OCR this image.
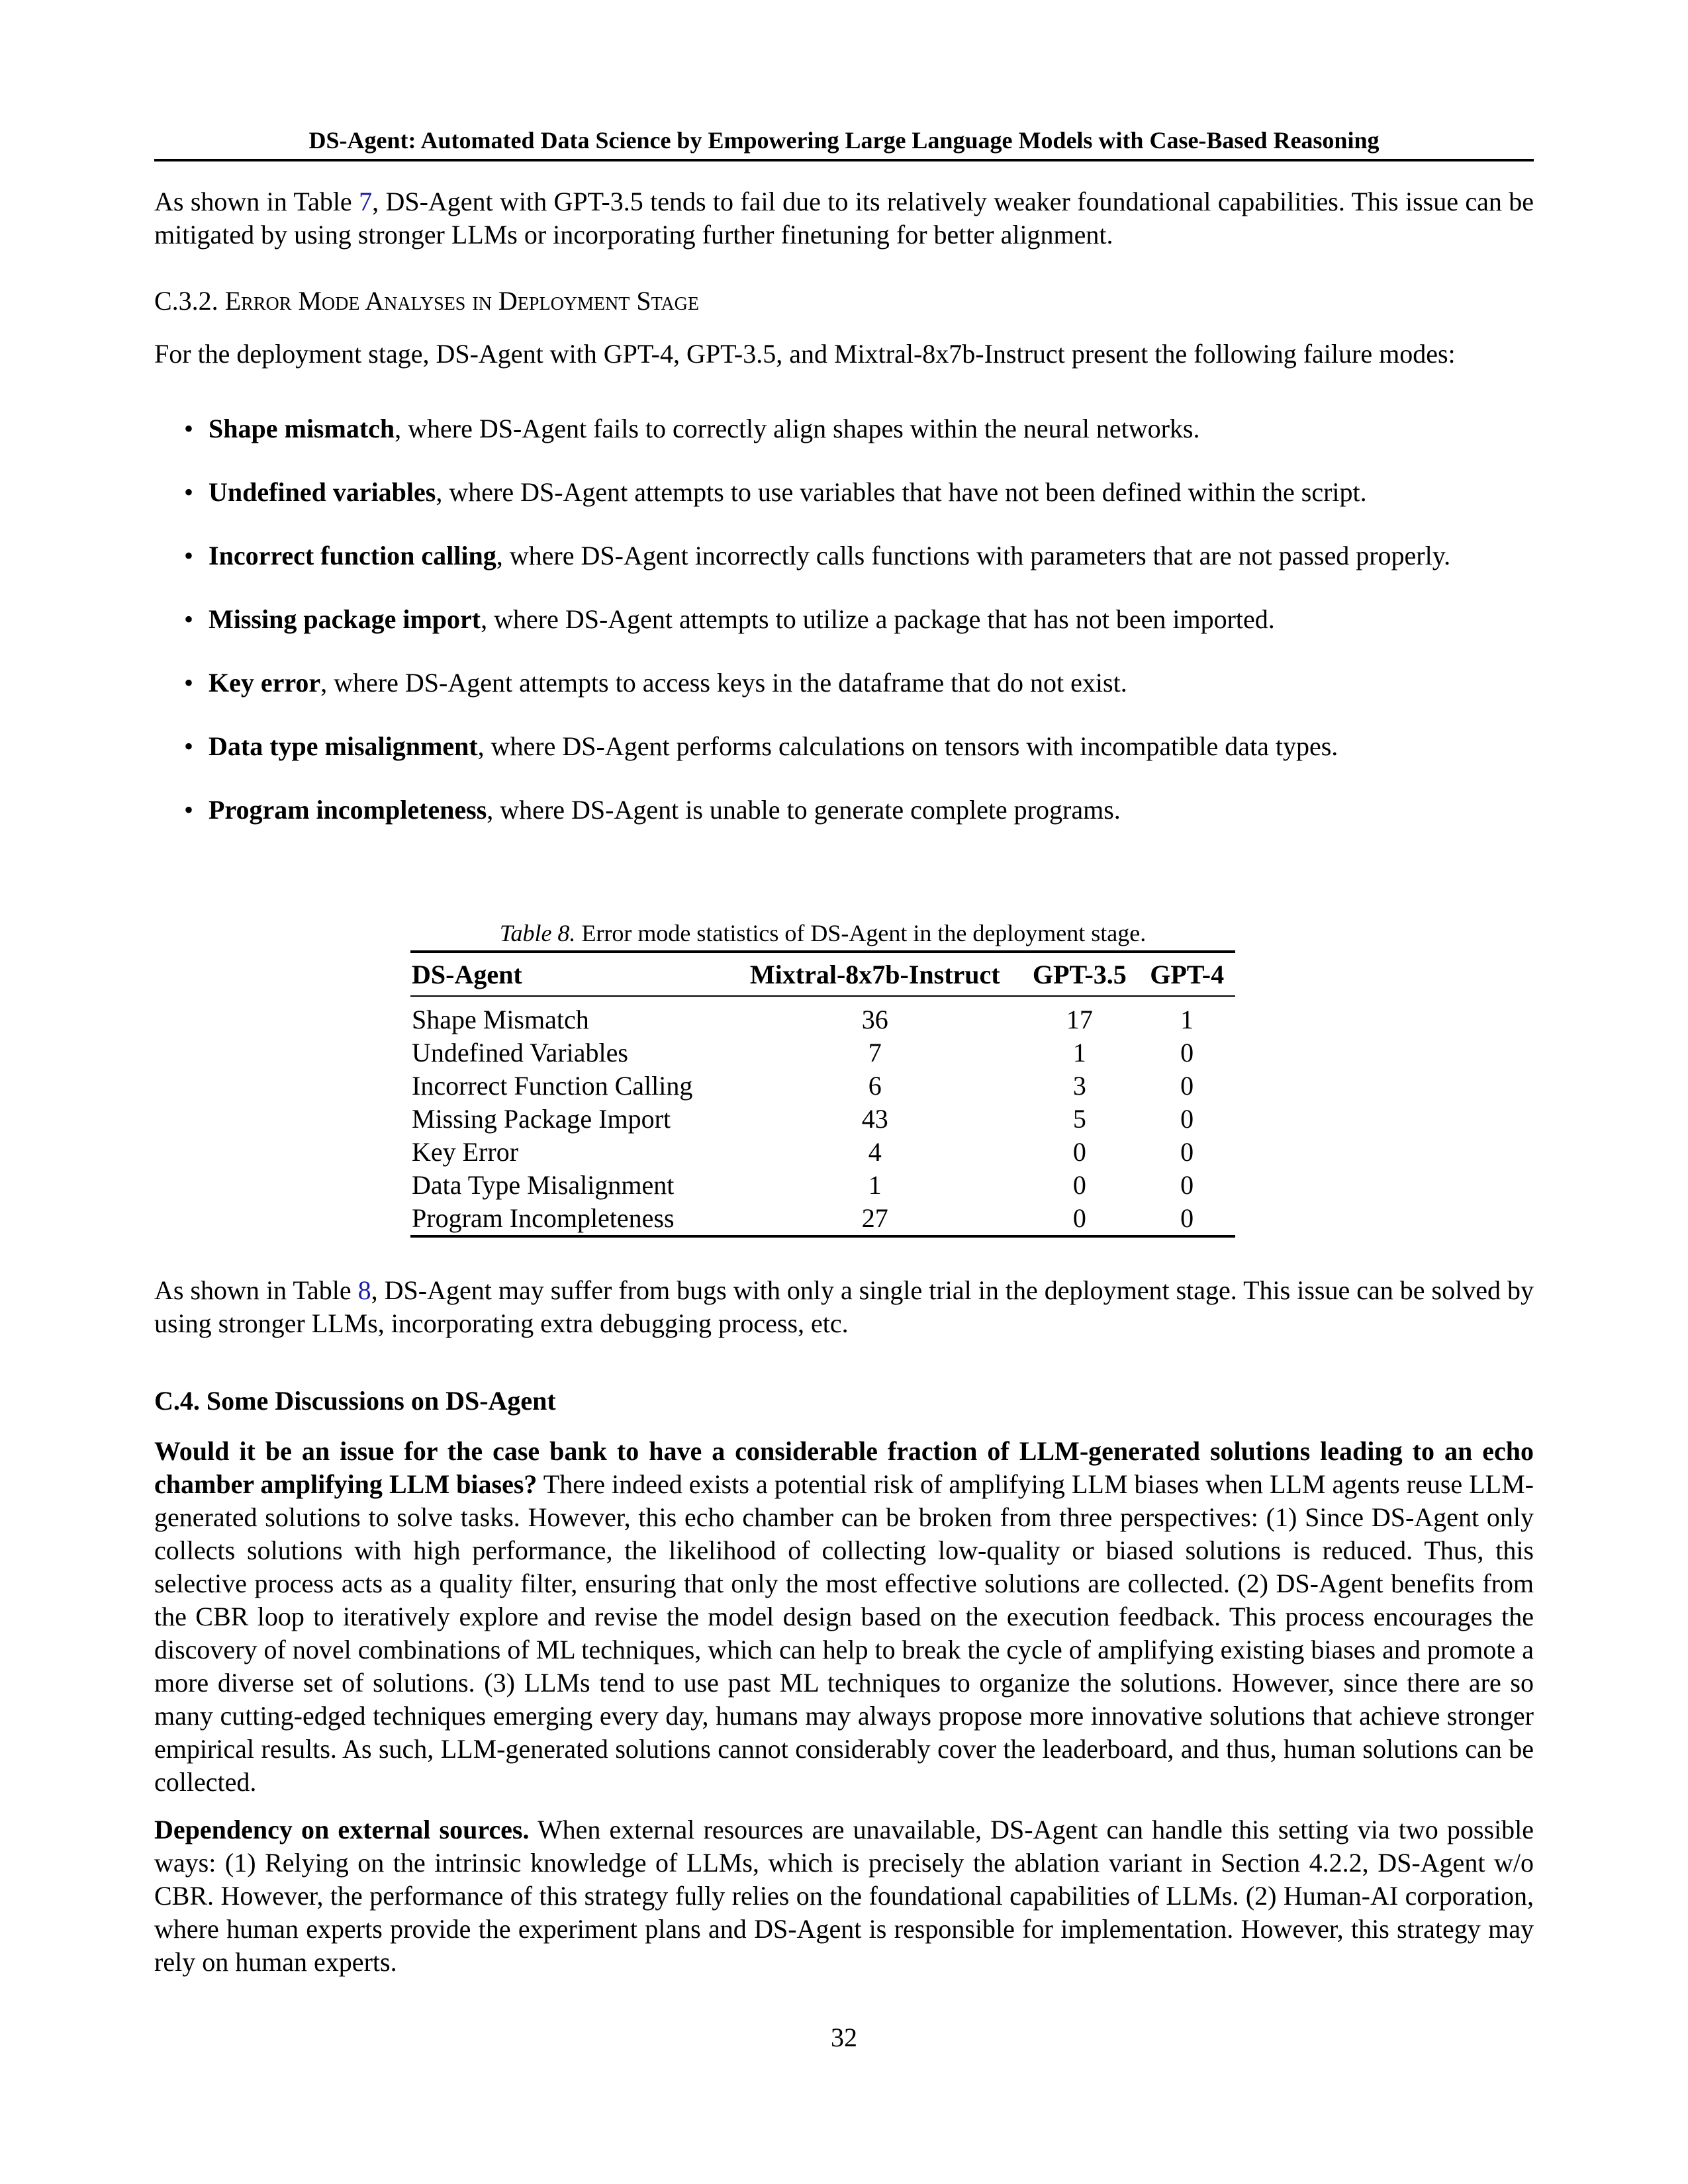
DS-Agent: Automated Data Science by Empowering Large Language Models with Case-Based Reasoning

As shown in Table 7, DS-Agent with GPT-3.5 tends to fail due to its relatively weaker foundational capabilities. This issue can be mitigated by using stronger LLMs or incorporating further finetuning for better alignment.

C.3.2. Error Mode Analyses in Deployment Stage

For the deployment stage, DS-Agent with GPT-4, GPT-3.5, and Mixtral-8x7b-Instruct present the following failure modes:

• Shape mismatch, where DS-Agent fails to correctly align shapes within the neural networks.
• Undefined variables, where DS-Agent attempts to use variables that have not been defined within the script.
• Incorrect function calling, where DS-Agent incorrectly calls functions with parameters that are not passed properly.
• Missing package import, where DS-Agent attempts to utilize a package that has not been imported.
• Key error, where DS-Agent attempts to access keys in the dataframe that do not exist.
• Data type misalignment, where DS-Agent performs calculations on tensors with incompatible data types.
• Program incompleteness, where DS-Agent is unable to generate complete programs.
Table 8. Error mode statistics of DS-Agent in the deployment stage.
DS-Agent	Mixtral-8x7b-Instruct	GPT-3.5	GPT-4
Shape Mismatch	36	17	1
Undefined Variables	7	1	0
Incorrect Function Calling	6	3	0
Missing Package Import	43	5	0
Key Error	4	0	0
Data Type Misalignment	1	0	0
Program Incompleteness	27	0	0

As shown in Table 8, DS-Agent may suffer from bugs with only a single trial in the deployment stage. This issue can be solved by using stronger LLMs, incorporating extra debugging process, etc.

C.4. Some Discussions on DS-Agent

Would it be an issue for the case bank to have a considerable fraction of LLM-generated solutions leading to an echo chamber amplifying LLM biases? There indeed exists a potential risk of amplifying LLM biases when LLM agents reuse LLM-generated solutions to solve tasks. However, this echo chamber can be broken from three perspectives: (1) Since DS-Agent only collects solutions with high performance, the likelihood of collecting low-quality or biased solutions is reduced. Thus, this selective process acts as a quality filter, ensuring that only the most effective solutions are collected. (2) DS-Agent benefits from the CBR loop to iteratively explore and revise the model design based on the execution feedback. This process encourages the discovery of novel combinations of ML techniques, which can help to break the cycle of amplifying existing biases and promote a more diverse set of solutions. (3) LLMs tend to use past ML techniques to organize the solutions. However, since there are so many cutting-edged techniques emerging every day, humans may always propose more innovative solutions that achieve stronger empirical results. As such, LLM-generated solutions cannot considerably cover the leaderboard, and thus, human solutions can be collected.

Dependency on external sources. When external resources are unavailable, DS-Agent can handle this setting via two possible ways: (1) Relying on the intrinsic knowledge of LLMs, which is precisely the ablation variant in Section 4.2.2, DS-Agent w/o CBR. However, the performance of this strategy fully relies on the foundational capabilities of LLMs. (2) Human-AI corporation, where human experts provide the experiment plans and DS-Agent is responsible for implementation. However, this strategy may rely on human experts.

32
